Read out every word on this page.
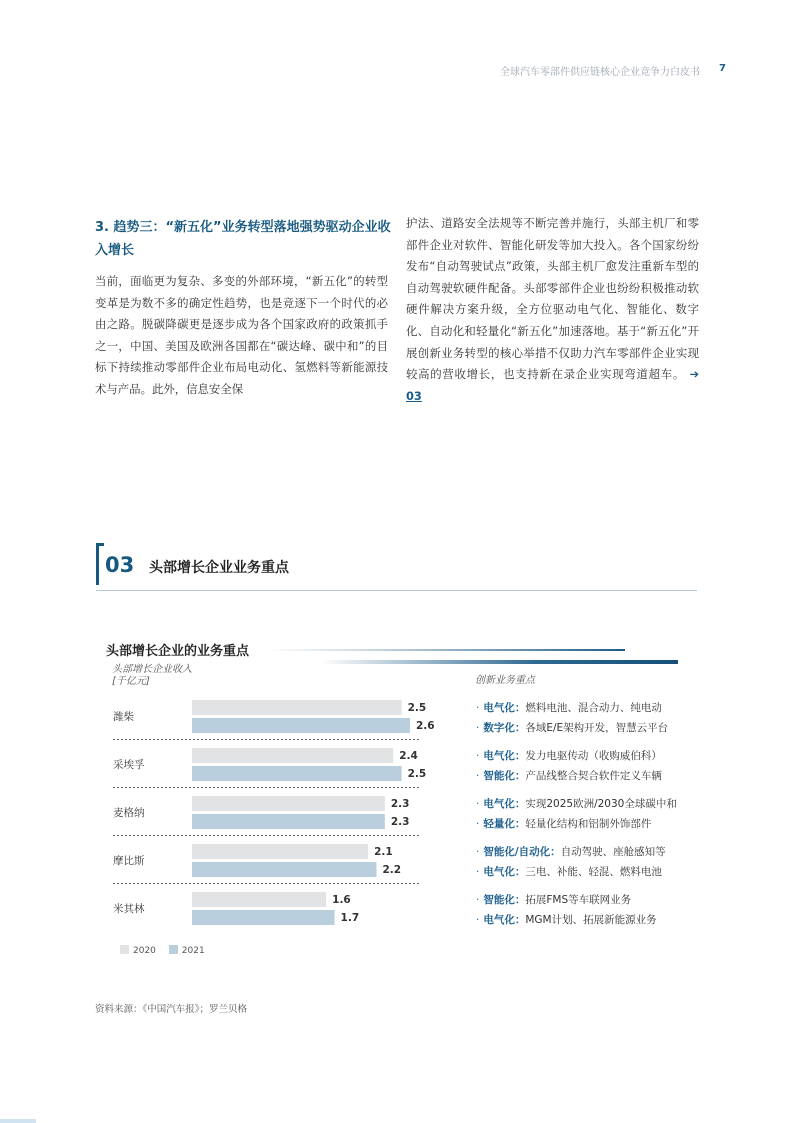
全球汽车零部件供应链核心企业竞争力白皮书 7
3. 趋势三：“新五化”业务转型落地强势驱动企业收入增长
当前，面临更为复杂、多变的外部环境，“新五化”的转型变革是为数不多的确定性趋势，也是竞逐下一个时代的必由之路。脱碳降碳更是逐步成为各个国家政府的政策抓手之一，中国、美国及欧洲各国都在“碳达峰、碳中和”的目标下持续推动零部件企业布局电动化、氢燃料等新能源技术与产品。此外，信息安全保
护法、道路安全法规等不断完善并施行，头部主机厂和零部件企业对软件、智能化研发等加大投入。各个国家纷纷发布“自动驾驶试点”政策，头部主机厂愈发注重新车型的自动驾驶软硬件配备。头部零部件企业也纷纷积极推动软硬件解决方案升级，全方位驱动电气化、智能化、数字化、自动化和轻量化“新五化”加速落地。基于“新五化”开展创新业务转型的核心举措不仅助力汽车零部件企业实现较高的营收增长，也支持新在录企业实现弯道超车。 ➔ 03
03 头部增长企业业务重点
头部增长企业的业务重点
头部增长企业收入
[千亿元]	创新业务重点
潍柴
2.5
2.6
采埃孚
2.4
2.5
麦格纳
2.3
2.3
摩比斯
2.1
2.2
米其林
1.6
1.7
· 电气化：燃料电池、混合动力、纯电动
· 数字化：各域E/E架构开发，智慧云平台
· 电气化：发力电驱传动（收购威伯科）
· 智能化：产品线整合契合软件定义车辆
· 电气化：实现2025欧洲/2030全球碳中和
· 轻量化：轻量化结构和铝制外饰部件
· 智能化/自动化：自动驾驶、座舱感知等
· 电气化：三电、补能、轻混、燃料电池
· 智能化：拓展FMS等车联网业务
· 电气化：MGM计划、拓展新能源业务
2020	2021
资料来源：《中国汽车报》；罗兰贝格
